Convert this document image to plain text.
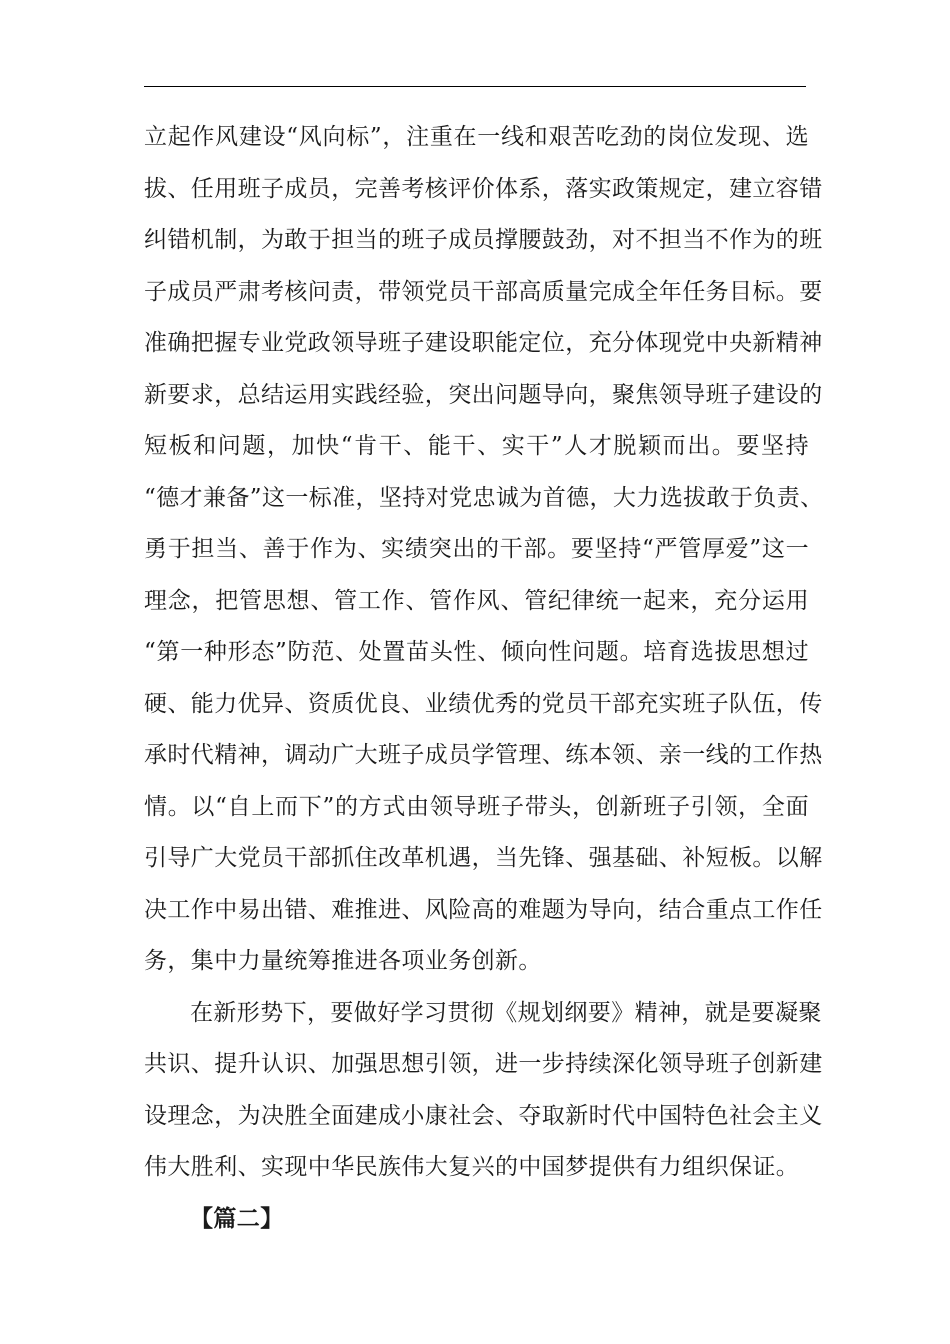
立起作风建设“风向标”，注重在一线和艰苦吃劲的岗位发现、选
拔、任用班子成员，完善考核评价体系，落实政策规定，建立容错
纠错机制，为敢于担当的班子成员撑腰鼓劲，对不担当不作为的班
子成员严肃考核问责，带领党员干部高质量完成全年任务目标。要
准确把握专业党政领导班子建设职能定位，充分体现党中央新精神
新要求，总结运用实践经验，突出问题导向，聚焦领导班子建设的
短板和问题，加快“肯干、能干、实干”人才脱颖而出。要坚持
“德才兼备”这一标准，坚持对党忠诚为首德，大力选拔敢于负责、
勇于担当、善于作为、实绩突出的干部。要坚持“严管厚爱”这一
理念，把管思想、管工作、管作风、管纪律统一起来，充分运用
“第一种形态”防范、处置苗头性、倾向性问题。培育选拔思想过
硬、能力优异、资质优良、业绩优秀的党员干部充实班子队伍，传
承时代精神，调动广大班子成员学管理、练本领、亲一线的工作热
情。以“自上而下”的方式由领导班子带头，创新班子引领，全面
引导广大党员干部抓住改革机遇，当先锋、强基础、补短板。以解
决工作中易出错、难推进、风险高的难题为导向，结合重点工作任
务，集中力量统筹推进各项业务创新。
在新形势下，要做好学习贯彻《规划纲要》精神，就是要凝聚
共识、提升认识、加强思想引领，进一步持续深化领导班子创新建
设理念，为决胜全面建成小康社会、夺取新时代中国特色社会主义
伟大胜利、实现中华民族伟大复兴的中国梦提供有力组织保证。
【篇二】
